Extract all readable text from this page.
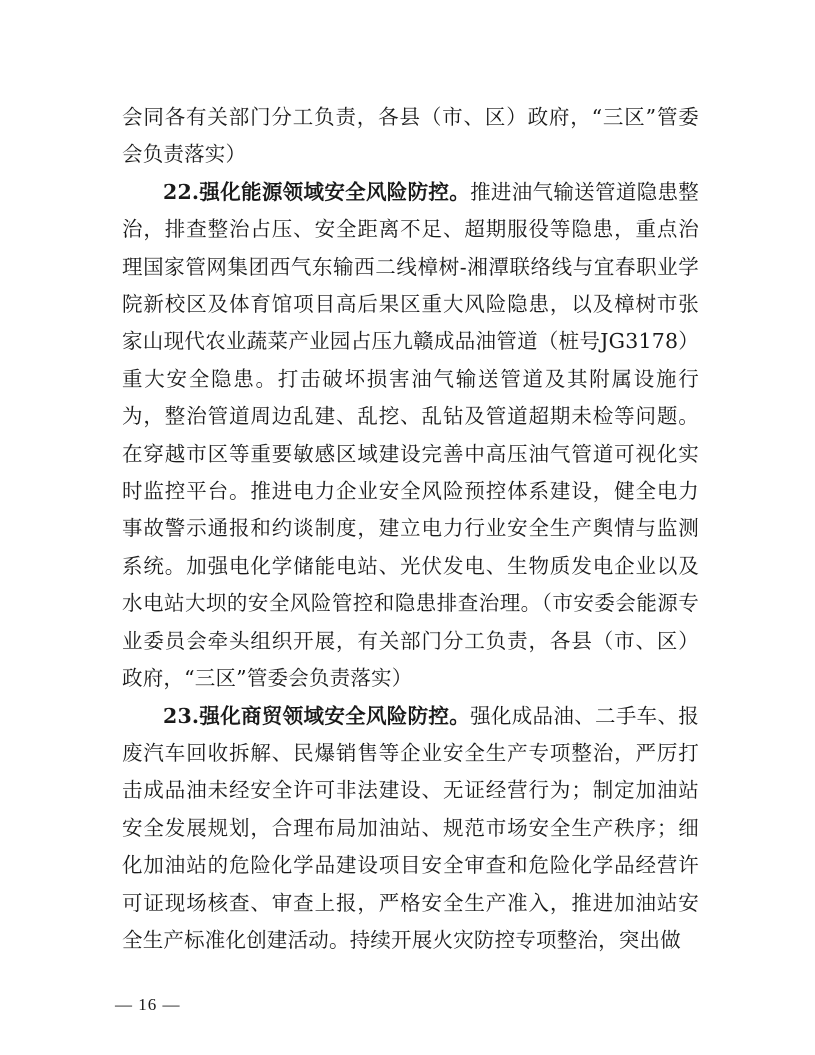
会同各有关部门分工负责，各县（市、区）政府，“三区”管委会负责落实）

22.强化能源领域安全风险防控。推进油气输送管道隐患整治，排查整治占压、安全距离不足、超期服役等隐患，重点治理国家管网集团西气东输西二线樟树-湘潭联络线与宜春职业学院新校区及体育馆项目高后果区重大风险隐患，以及樟树市张家山现代农业蔬菜产业园占压九赣成品油管道（桩号JG3178）重大安全隐患。打击破坏损害油气输送管道及其附属设施行为，整治管道周边乱建、乱挖、乱钻及管道超期未检等问题。在穿越市区等重要敏感区域建设完善中高压油气管道可视化实时监控平台。推进电力企业安全风险预控体系建设，健全电力事故警示通报和约谈制度，建立电力行业安全生产舆情与监测系统。加强电化学储能电站、光伏发电、生物质发电企业以及水电站大坝的安全风险管控和隐患排查治理。（市安委会能源专业委员会牵头组织开展，有关部门分工负责，各县（市、区）政府，“三区”管委会负责落实）

23.强化商贸领域安全风险防控。强化成品油、二手车、报废汽车回收拆解、民爆销售等企业安全生产专项整治，严厉打击成品油未经安全许可非法建设、无证经营行为；制定加油站安全发展规划，合理布局加油站、规范市场安全生产秩序；细化加油站的危险化学品建设项目安全审查和危险化学品经营许可证现场核查、审查上报，严格安全生产准入，推进加油站安全生产标准化创建活动。持续开展火灾防控专项整治，突出做

— 16 —
